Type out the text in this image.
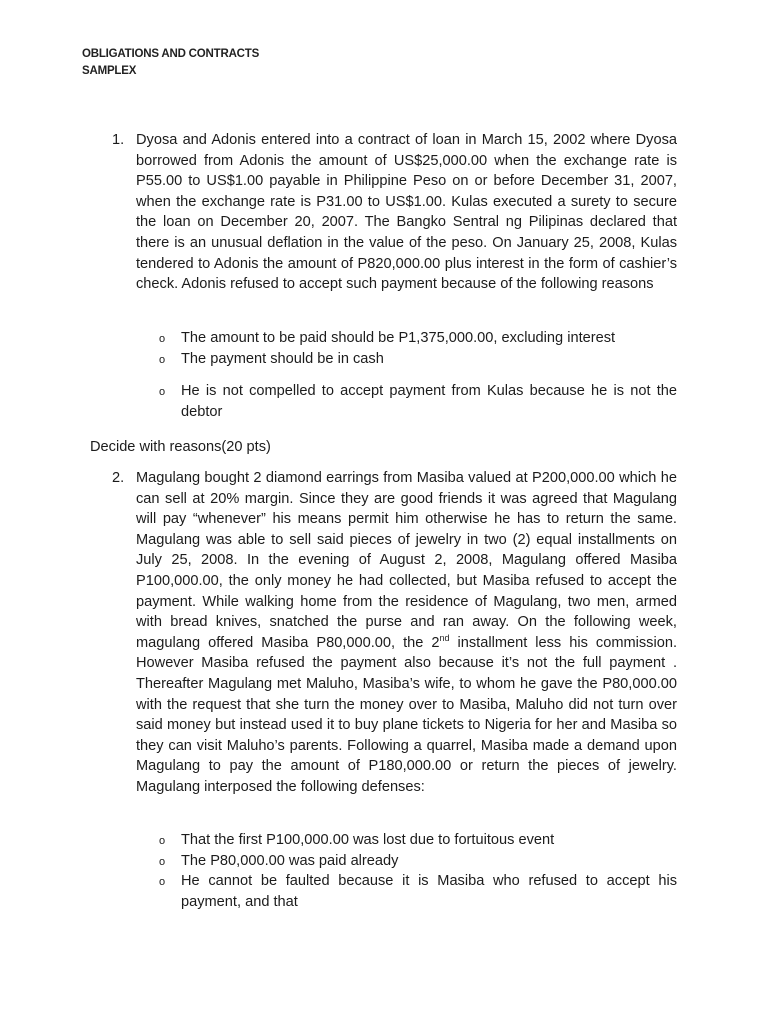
OBLIGATIONS AND CONTRACTS
SAMPLEX
1. Dyosa and Adonis entered into a contract of loan in March 15, 2002 where Dyosa borrowed from Adonis the amount of US$25,000.00 when the exchange rate is P55.00 to US$1.00 payable in Philippine Peso on or before December 31, 2007, when the exchange rate is P31.00 to US$1.00. Kulas executed a surety to secure the loan on December 20, 2007. The Bangko Sentral ng Pilipinas declared that there is an unusual deflation in the value of the peso. On January 25, 2008, Kulas tendered to Adonis the amount of P820,000.00 plus interest in the form of cashier’s check. Adonis refused to accept such payment because of the following reasons

o The amount to be paid should be P1,375,000.00, excluding interest
o The payment should be in cash
o He is not compelled to accept payment from Kulas because he is not the debtor
Decide with reasons(20 pts)
2. Magulang bought 2 diamond earrings from Masiba valued at P200,000.00 which he can sell at 20% margin. Since they are good friends it was agreed that Magulang will pay “whenever” his means permit him otherwise he has to return the same. Magulang was able to sell said pieces of jewelry in two (2) equal installments on July 25, 2008. In the evening of August 2, 2008, Magulang offered Masiba P100,000.00, the only money he had collected, but Masiba refused to accept the payment. While walking home from the residence of Magulang, two men, armed with bread knives, snatched the purse and ran away. On the following week, magulang offered Masiba P80,000.00, the 2nd installment less his commission. However Masiba refused the payment also because it’s not the full payment . Thereafter Magulang met Maluho, Masiba’s wife, to whom he gave the P80,000.00 with the request that she turn the money over to Masiba, Maluho did not turn over said money but instead used it to buy plane tickets to Nigeria for her and Masiba so they can visit Maluho’s parents. Following a quarrel, Masiba made a demand upon Magulang to pay the amount of P180,000.00 or return the pieces of jewelry. Magulang interposed the following defenses:

o That the first P100,000.00 was lost due to fortuitous event
o The P80,000.00 was paid already
o He cannot be faulted because it is Masiba who refused to accept his payment, and that
